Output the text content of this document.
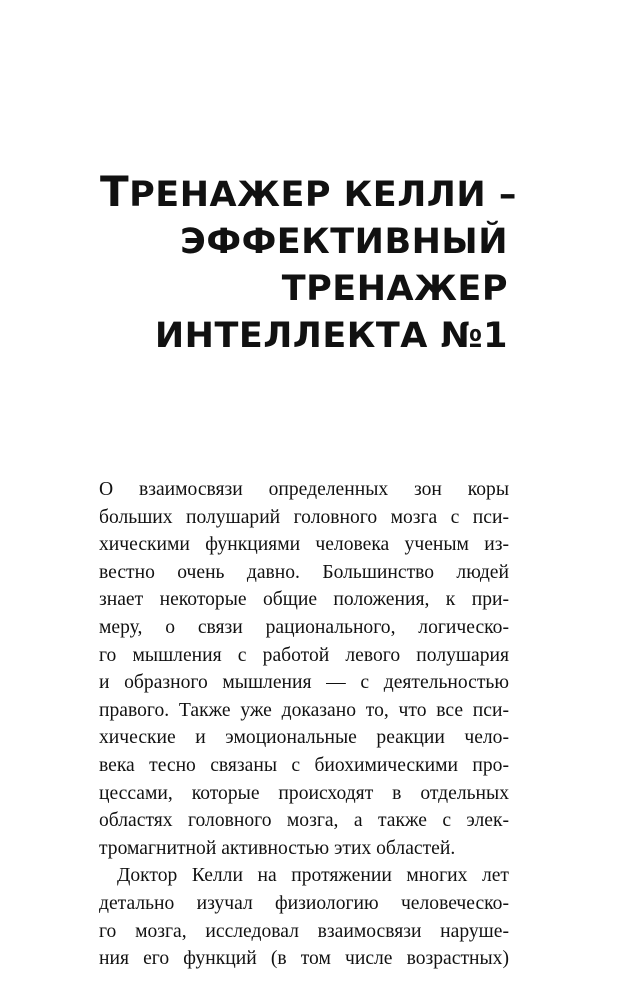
ТРЕНАЖЕР КЕЛЛИ –
ЭФФЕКТИВНЫЙ
ТРЕНАЖЕР
ИНТЕЛЛЕКТА №1
О взаимосвязи определенных зон коры
больших полушарий головного мозга с пси-
хическими функциями человека ученым из-
вестно очень давно. Большинство людей
знает некоторые общие положения, к при-
меру, о связи рационального, логическо-
го мышления с работой левого полушария
и образного мышления — с деятельностью
правого. Также уже доказано то, что все пси-
хические и эмоциональные реакции чело-
века тесно связаны с биохимическими про-
цессами, которые происходят в отдельных
областях головного мозга, а также с элек-
тромагнитной активностью этих областей.
Доктор Келли на протяжении многих лет
детально изучал физиологию человеческо-
го мозга, исследовал взаимосвязи наруше-
ния его функций (в том числе возрастных)
